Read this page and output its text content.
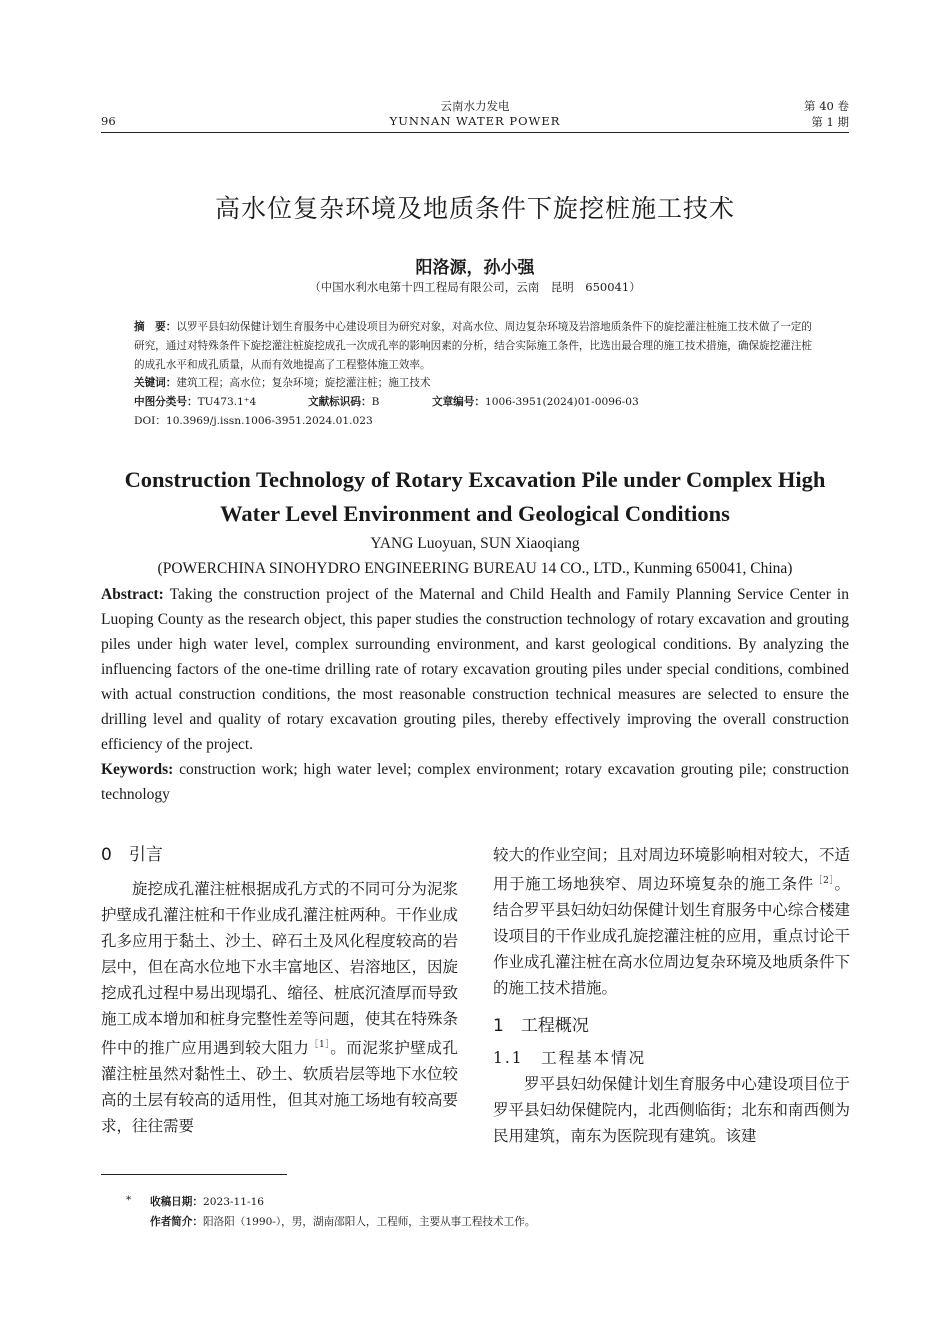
96
云南水力发电
YUNNAN WATER POWER
第 40 卷
第 1 期
高水位复杂环境及地质条件下旋挖桩施工技术
阳洛源，孙小强
（中国水利水电第十四工程局有限公司，云南　昆明　650041）
摘　要：以罗平县妇幼保健计划生育服务中心建设项目为研究对象，对高水位、周边复杂环境及岩溶地质条件下的旋挖灌注桩施工技术做了一定的研究，通过对特殊条件下旋挖灌注桩旋挖成孔一次成孔率的影响因素的分析，结合实际施工条件，比选出最合理的施工技术措施，确保旋挖灌注桩的成孔水平和成孔质量，从而有效地提高了工程整体施工效率。
关键词：建筑工程；高水位；复杂环境；旋挖灌注桩；施工技术
中图分类号：TU473.1⁺4	文献标识码：B	文章编号：1006-3951(2024)01-0096-03
DOI：10.3969/j.issn.1006-3951.2024.01.023
Construction Technology of Rotary Excavation Pile under Complex High Water Level Environment and Geological Conditions
YANG Luoyuan, SUN Xiaoqiang
(POWERCHINA SINOHYDRO ENGINEERING BUREAU 14 CO., LTD., Kunming 650041, China)

Abstract: Taking the construction project of the Maternal and Child Health and Family Planning Service Center in Luoping County as the research object, this paper studies the construction technology of rotary excavation and grouting piles under high water level, complex surrounding environment, and karst geological conditions. By analyzing the influencing factors of the one-time drilling rate of rotary excavation grouting piles under special conditions, combined with actual construction conditions, the most reasonable construction technical measures are selected to ensure the drilling level and quality of rotary excavation grouting piles, thereby effectively improving the overall construction efficiency of the project.

Keywords: construction work; high water level; complex environment; rotary excavation grouting pile; construction technology

0　引言

旋挖成孔灌注桩根据成孔方式的不同可分为泥浆护壁成孔灌注桩和干作业成孔灌注桩两种。干作业成孔多应用于黏土、沙土、碎石土及风化程度较高的岩层中，但在高水位地下水丰富地区、岩溶地区，因旋挖成孔过程中易出现塌孔、缩径、桩底沉渣厚而导致施工成本增加和桩身完整性差等问题，使其在特殊条件中的推广应用遇到较大阻力$^{[1]}$。而泥浆护壁成孔灌注桩虽然对黏性土、砂土、软质岩层等地下水位较高的土层有较高的适用性，但其对施工场地有较高要求，往往需要

较大的作业空间；且对周边环境影响相对较大，不适用于施工场地狭窄、周边环境复杂的施工条件$^{[2]}$。结合罗平县妇幼妇幼保健计划生育服务中心综合楼建设项目的干作业成孔旋挖灌注桩的应用，重点讨论干作业成孔灌注桩在高水位周边复杂环境及地质条件下的施工技术措施。

1　工程概况
1.1　工程基本情况

罗平县妇幼保健计划生育服务中心建设项目位于罗平县妇幼保健院内，北西侧临街；北东和南西侧为民用建筑，南东为医院现有建筑。该建

* 收稿日期：2023-11-16
作者简介：阳洛阳（1990-），男，湖南邵阳人，工程师，主要从事工程技术工作。
